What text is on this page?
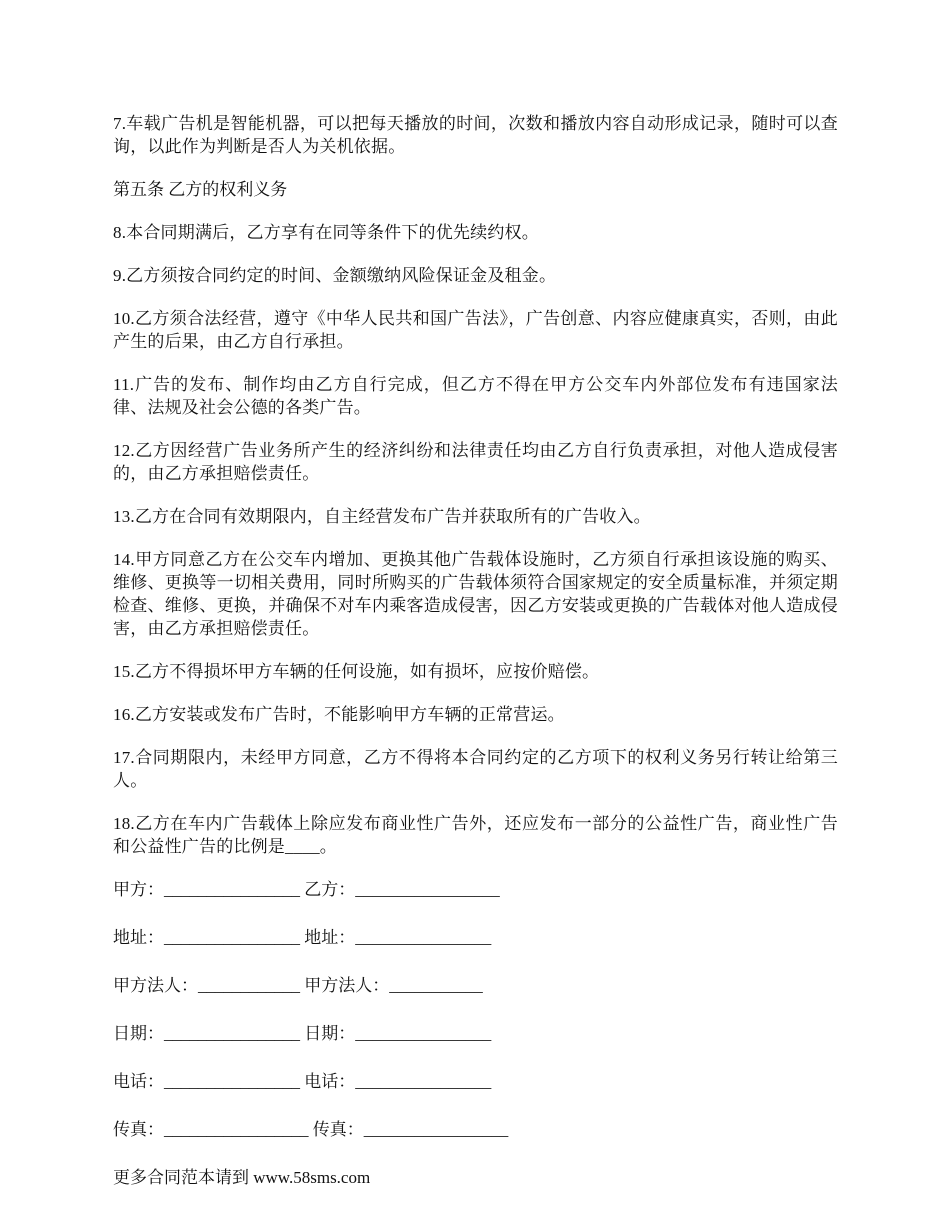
7.车载广告机是智能机器，可以把每天播放的时间，次数和播放内容自动形成记录，随时可以查询，以此作为判断是否人为关机依据。

第五条 乙方的权利义务

8.本合同期满后，乙方享有在同等条件下的优先续约权。

9.乙方须按合同约定的时间、金额缴纳风险保证金及租金。

10.乙方须合法经营，遵守《中华人民共和国广告法》，广告创意、内容应健康真实，否则，由此产生的后果，由乙方自行承担。

11.广告的发布、制作均由乙方自行完成，但乙方不得在甲方公交车内外部位发布有违国家法律、法规及社会公德的各类广告。

12.乙方因经营广告业务所产生的经济纠纷和法律责任均由乙方自行负责承担，对他人造成侵害的，由乙方承担赔偿责任。

13.乙方在合同有效期限内，自主经营发布广告并获取所有的广告收入。

14.甲方同意乙方在公交车内增加、更换其他广告载体设施时，乙方须自行承担该设施的购买、维修、更换等一切相关费用，同时所购买的广告载体须符合国家规定的安全质量标准，并须定期检查、维修、更换，并确保不对车内乘客造成侵害，因乙方安装或更换的广告载体对他人造成侵害，由乙方承担赔偿责任。

15.乙方不得损坏甲方车辆的任何设施，如有损坏，应按价赔偿。

16.乙方安装或发布广告时，不能影响甲方车辆的正常营运。

17.合同期限内，未经甲方同意，乙方不得将本合同约定的乙方项下的权利义务另行转让给第三人。

18.乙方在车内广告载体上除应发布商业性广告外，还应发布一部分的公益性广告，商业性广告和公益性广告的比例是____。

甲方：________________ 乙方：_________________

地址：________________ 地址：________________

甲方法人：____________ 甲方法人：___________

日期：________________ 日期：________________

电话：________________ 电话：________________

传真：_________________ 传真：_________________

更多合同范本请到 www.58sms.com
